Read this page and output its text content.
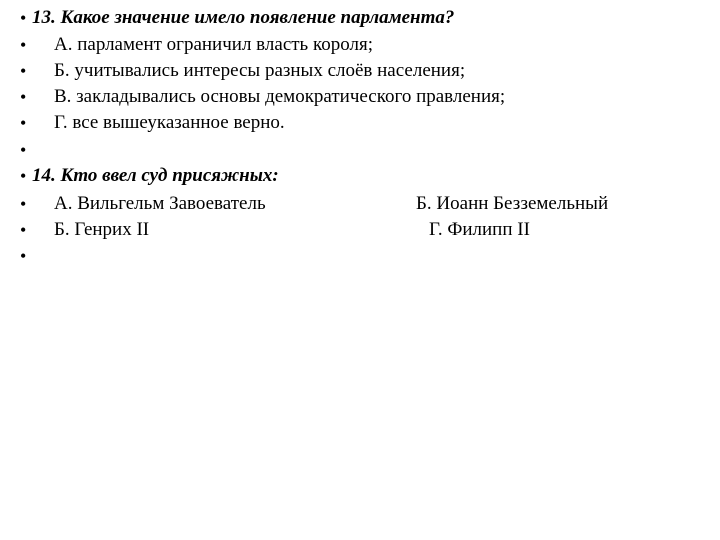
• 13. Какое значение имело появление парламента?
• А. парламент ограничил власть короля;
• Б. учитывались интересы разных слоёв населения;
• В. закладывались основы демократического правления;
• Г. все вышеуказанное верно.
•
• 14. Кто ввел суд присяжных:
• А. Вильгельм Завоеватель	Б. Иоанн Безземельный
• Б. Генрих II	Г. Филипп II
•
